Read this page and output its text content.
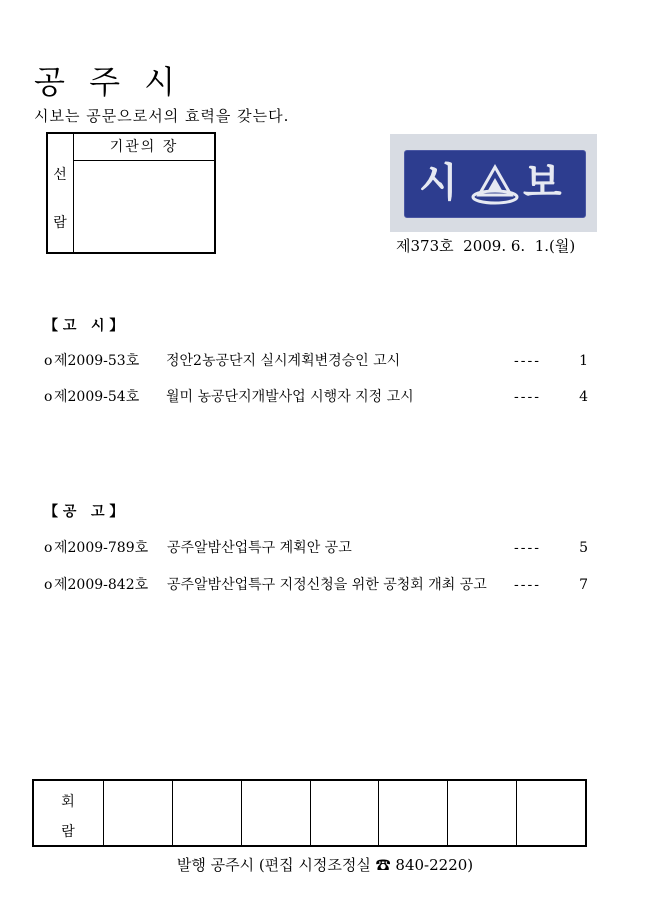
공 주 시
시보는 공문으로서의 효력을 갖는다.
선
람
기관의 장
시 보
제373호  2009. 6.  1.(월)
【 고   시 】
o 제2009-53호 정안2농공단지 실시계획변경승인 고시	----	1
o 제2009-54호 월미 농공단지개발사업 시행자 지정 고시	----	4
【 공   고 】
o 제2009-789호 공주알밤산업특구 계획안 공고	----	5
o 제2009-842호 공주알밤산업특구 지정신청을 위한 공청회 개최 공고 ----	7
회
람
발행 공주시 (편집 시정조정실 ☎ 840-2220)
